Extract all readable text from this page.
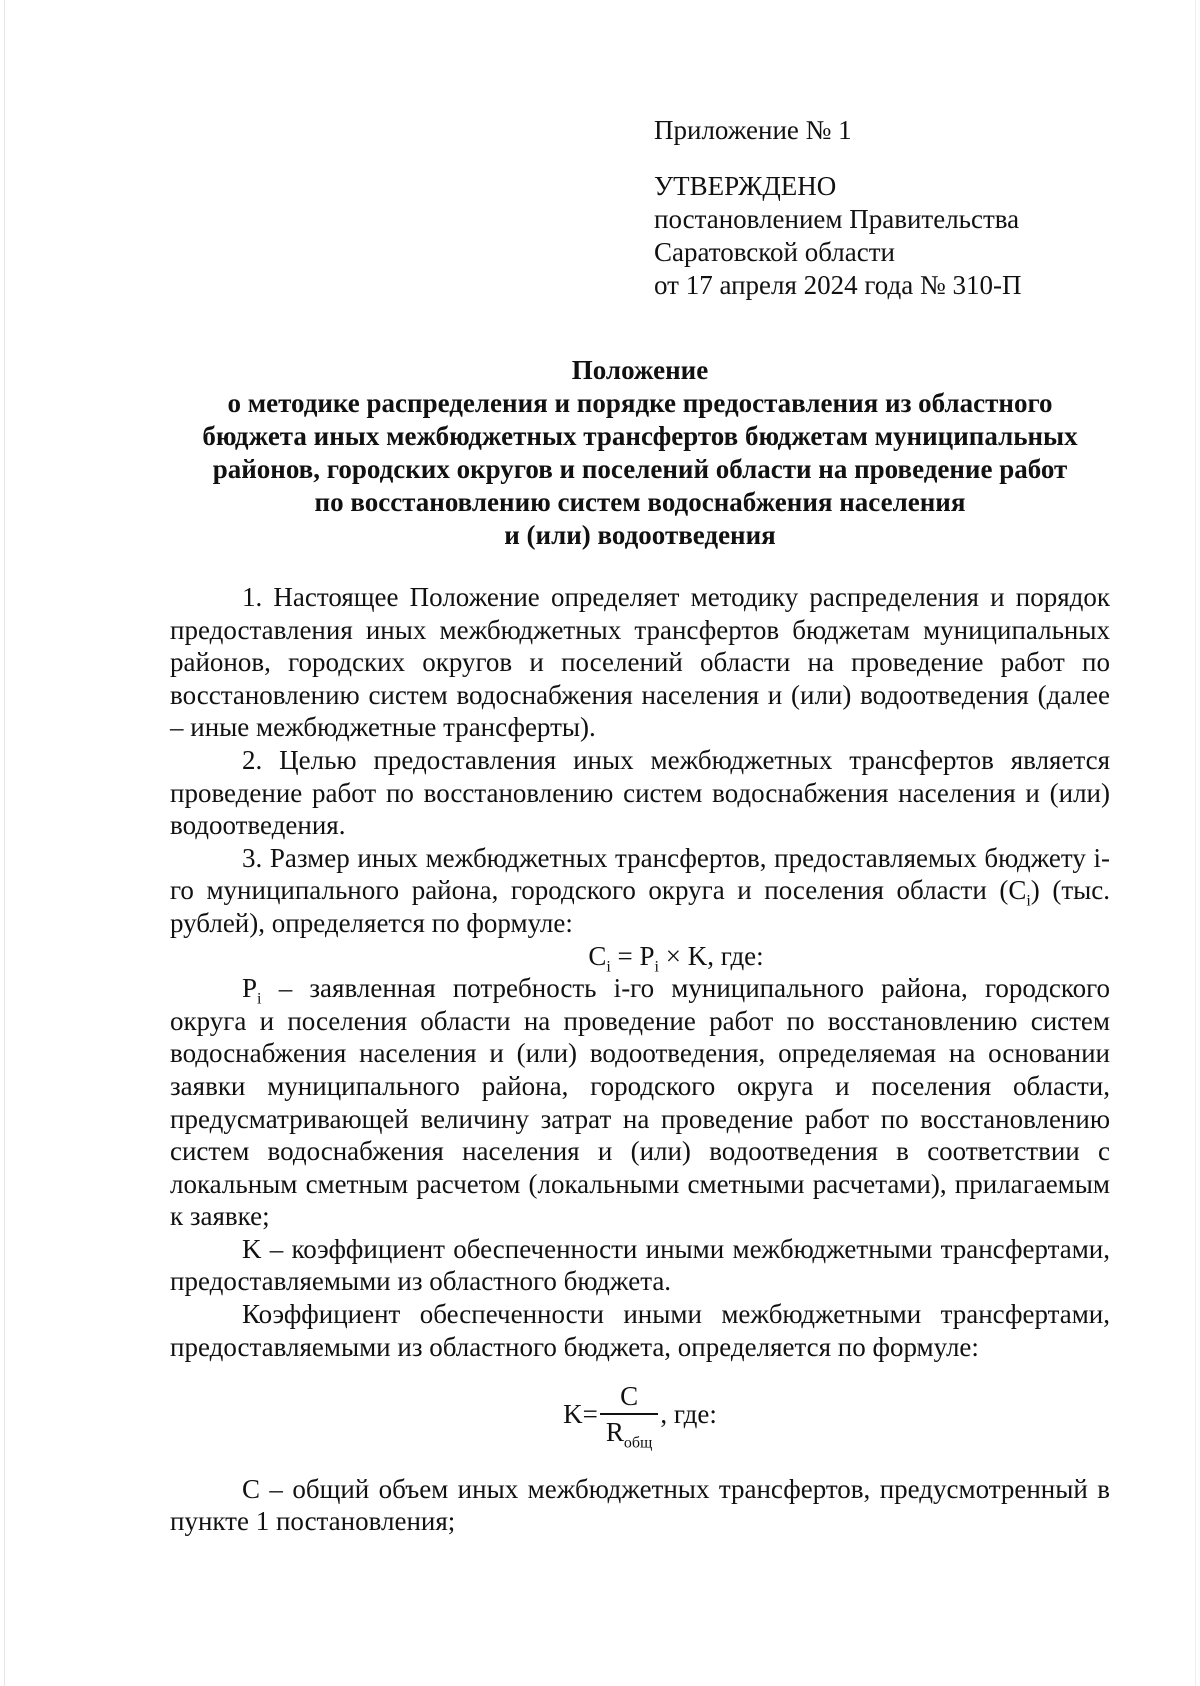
Приложение № 1
УТВЕРЖДЕНО
постановлением Правительства
Саратовской области
от 17 апреля 2024 года № 310-П
Положение
о методике распределения и порядке предоставления из областного
бюджета иных межбюджетных трансфертов бюджетам муниципальных
районов, городских округов и поселений области на проведение работ
по восстановлению систем водоснабжения населения
и (или) водоотведения

1. Настоящее Положение определяет методику распределения и порядок предоставления иных межбюджетных трансфертов бюджетам муниципальных районов, городских округов и поселений области на проведение работ по восстановлению систем водоснабжения населения и (или) водоотведения (далее – иные межбюджетные трансферты).

2. Целью предоставления иных межбюджетных трансфертов является проведение работ по восстановлению систем водоснабжения населения и (или) водоотведения.

3. Размер иных межбюджетных трансфертов, предоставляемых бюджету i-го муниципального района, городского округа и поселения области $(С_i)$ (тыс. рублей), определяется по формуле:

$C_i = P_i \times K$, где:

$P_i$ – заявленная потребность i-го муниципального района, городского округа и поселения области на проведение работ по восстановлению систем водоснабжения населения и (или) водоотведения, определяемая на основании заявки муниципального района, городского округа и поселения области, предусматривающей величину затрат на проведение работ по восстановлению систем водоснабжения населения и (или) водоотведения в соответствии с локальным сметным расчетом (локальными сметными расчетами), прилагаемым к заявке;

K – коэффициент обеспеченности иными межбюджетными трансфертами, предоставляемыми из областного бюджета.

Коэффициент обеспеченности иными межбюджетными трансфертами, предоставляемыми из областного бюджета, определяется по формуле:

$K= \frac{C}{R_{общ}}$ , где:

C – общий объем иных межбюджетных трансфертов, предусмотренный в пункте 1 постановления;
